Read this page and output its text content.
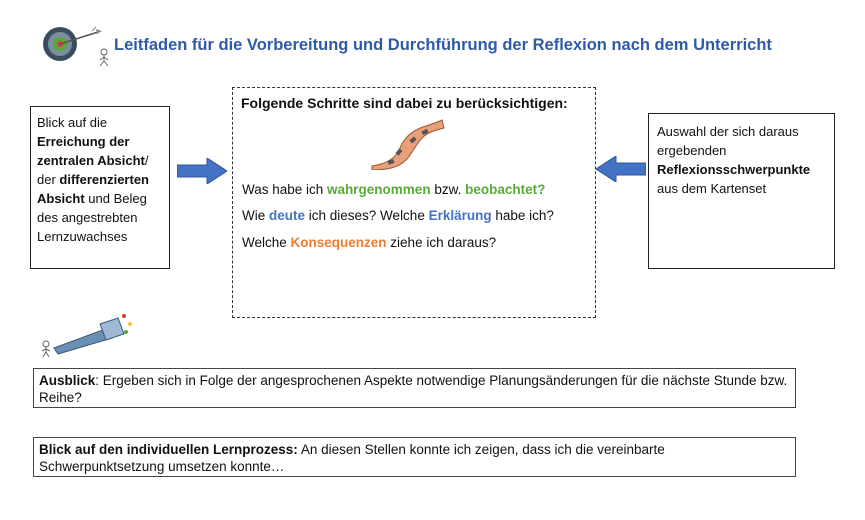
Leitfaden für die Vorbereitung und Durchführung der Reflexion nach dem Unterricht
Blick auf die Erreichung der zentralen Absicht/ der differenzierten Absicht und Beleg des angestrebten Lernzuwachses
Folgende Schritte sind dabei zu berücksichtigen:
Was habe ich wahrgenommen bzw. beobachtet?
Wie deute ich dieses? Welche Erklärung habe ich?
Welche Konsequenzen ziehe ich daraus?
Auswahl der sich daraus ergebenden Reflexionsschwerpunkte aus dem Kartenset
Ausblick: Ergeben sich in Folge der angesprochenen Aspekte notwendige Planungsänderungen für die nächste Stunde bzw. Reihe?
Blick auf den individuellen Lernprozess: An diesen Stellen konnte ich zeigen, dass ich die vereinbarte Schwerpunktsetzung umsetzen konnte…
